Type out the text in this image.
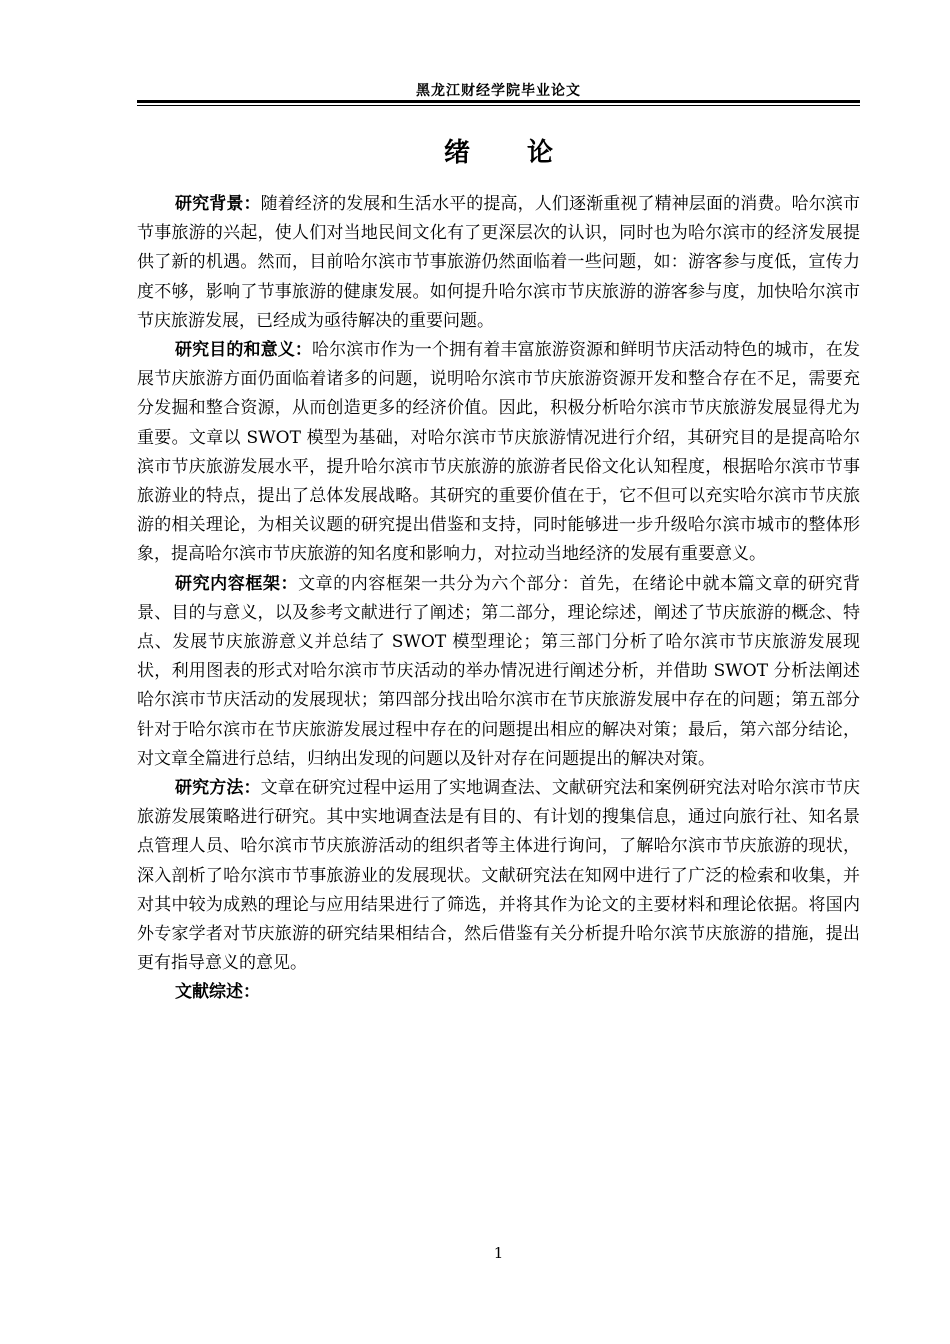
黑龙江财经学院毕业论文
绪 论

研究背景：随着经济的发展和生活水平的提高，人们逐渐重视了精神层面的消费。哈尔滨市节事旅游的兴起，使人们对当地民间文化有了更深层次的认识，同时也为哈尔滨市的经济发展提供了新的机遇。然而，目前哈尔滨市节事旅游仍然面临着一些问题，如：游客参与度低，宣传力度不够，影响了节事旅游的健康发展。如何提升哈尔滨市节庆旅游的游客参与度，加快哈尔滨市节庆旅游发展，已经成为亟待解决的重要问题。

研究目的和意义：哈尔滨市作为一个拥有着丰富旅游资源和鲜明节庆活动特色的城市，在发展节庆旅游方面仍面临着诸多的问题，说明哈尔滨市节庆旅游资源开发和整合存在不足，需要充分发掘和整合资源，从而创造更多的经济价值。因此，积极分析哈尔滨市节庆旅游发展显得尤为重要。文章以 SWOT 模型为基础，对哈尔滨市节庆旅游情况进行介绍，其研究目的是提高哈尔滨市节庆旅游发展水平，提升哈尔滨市节庆旅游的旅游者民俗文化认知程度，根据哈尔滨市节事旅游业的特点，提出了总体发展战略。其研究的重要价值在于，它不但可以充实哈尔滨市节庆旅游的相关理论，为相关议题的研究提出借鉴和支持，同时能够进一步升级哈尔滨市城市的整体形象，提高哈尔滨市节庆旅游的知名度和影响力，对拉动当地经济的发展有重要意义。

研究内容框架：文章的内容框架一共分为六个部分：首先，在绪论中就本篇文章的研究背景、目的与意义，以及参考文献进行了阐述；第二部分，理论综述，阐述了节庆旅游的概念、特点、发展节庆旅游意义并总结了 SWOT 模型理论；第三部门分析了哈尔滨市节庆旅游发展现状，利用图表的形式对哈尔滨市节庆活动的举办情况进行阐述分析，并借助 SWOT 分析法阐述哈尔滨市节庆活动的发展现状；第四部分找出哈尔滨市在节庆旅游发展中存在的问题；第五部分针对于哈尔滨市在节庆旅游发展过程中存在的问题提出相应的解决对策；最后，第六部分结论，对文章全篇进行总结，归纳出发现的问题以及针对存在问题提出的解决对策。

研究方法：文章在研究过程中运用了实地调查法、文献研究法和案例研究法对哈尔滨市节庆旅游发展策略进行研究。其中实地调查法是有目的、有计划的搜集信息，通过向旅行社、知名景点管理人员、哈尔滨市节庆旅游活动的组织者等主体进行询问，了解哈尔滨市节庆旅游的现状，深入剖析了哈尔滨市节事旅游业的发展现状。文献研究法在知网中进行了广泛的检索和收集，并对其中较为成熟的理论与应用结果进行了筛选，并将其作为论文的主要材料和理论依据。将国内外专家学者对节庆旅游的研究结果相结合，然后借鉴有关分析提升哈尔滨节庆旅游的措施，提出更有指导意义的意见。

文献综述：

1
